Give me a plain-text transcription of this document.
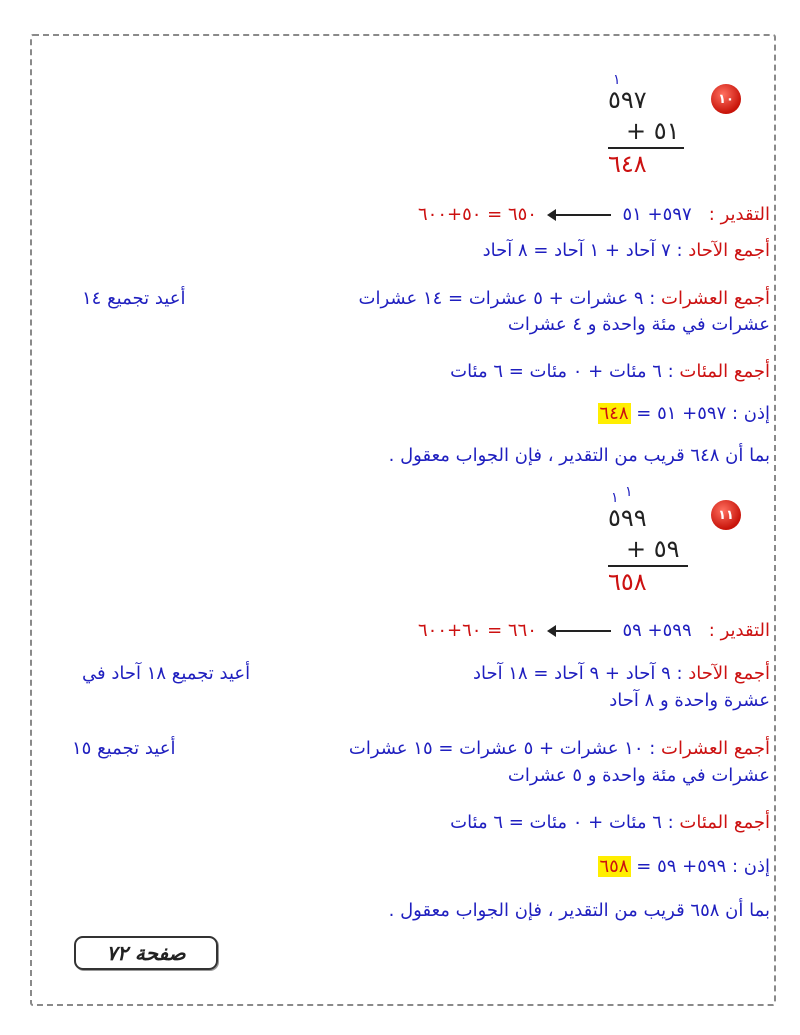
١٠
١
٥٩٧
٥١ +
٦٤٨
التقدير :   ٥٩٧+ ٥١  ٦٥٠ = ٥٠+٦٠٠
أجمع الآحاد : ٧ آحاد + ١ آحاد = ٨ آحاد
أجمع العشرات : ٩ عشرات + ٥ عشرات = ١٤ عشرات
أعيد تجميع ١٤
عشرات في مئة واحدة و ٤ عشرات
أجمع المئات : ٦ مئات + ٠ مئات = ٦ مئات
إذن : ٥٩٧+ ٥١ = ٦٤٨
بما أن ٦٤٨ قريب من التقدير ، فإن الجواب معقول .
١١
١ ١
٥٩٩
٥٩ +
٦٥٨
التقدير :   ٥٩٩+ ٥٩  ٦٦٠ = ٦٠+٦٠٠
أجمع الآحاد : ٩ آحاد + ٩ آحاد = ١٨ آحاد
أعيد تجميع ١٨ آحاد في
عشرة واحدة و ٨ آحاد
أجمع العشرات : ١٠ عشرات + ٥ عشرات = ١٥ عشرات
أعيد تجميع ١٥
عشرات في مئة واحدة و ٥ عشرات
أجمع المئات : ٦ مئات + ٠ مئات = ٦ مئات
إذن : ٥٩٩+ ٥٩ = ٦٥٨
بما أن ٦٥٨ قريب من التقدير ، فإن الجواب معقول .
صفحة ٧٢
